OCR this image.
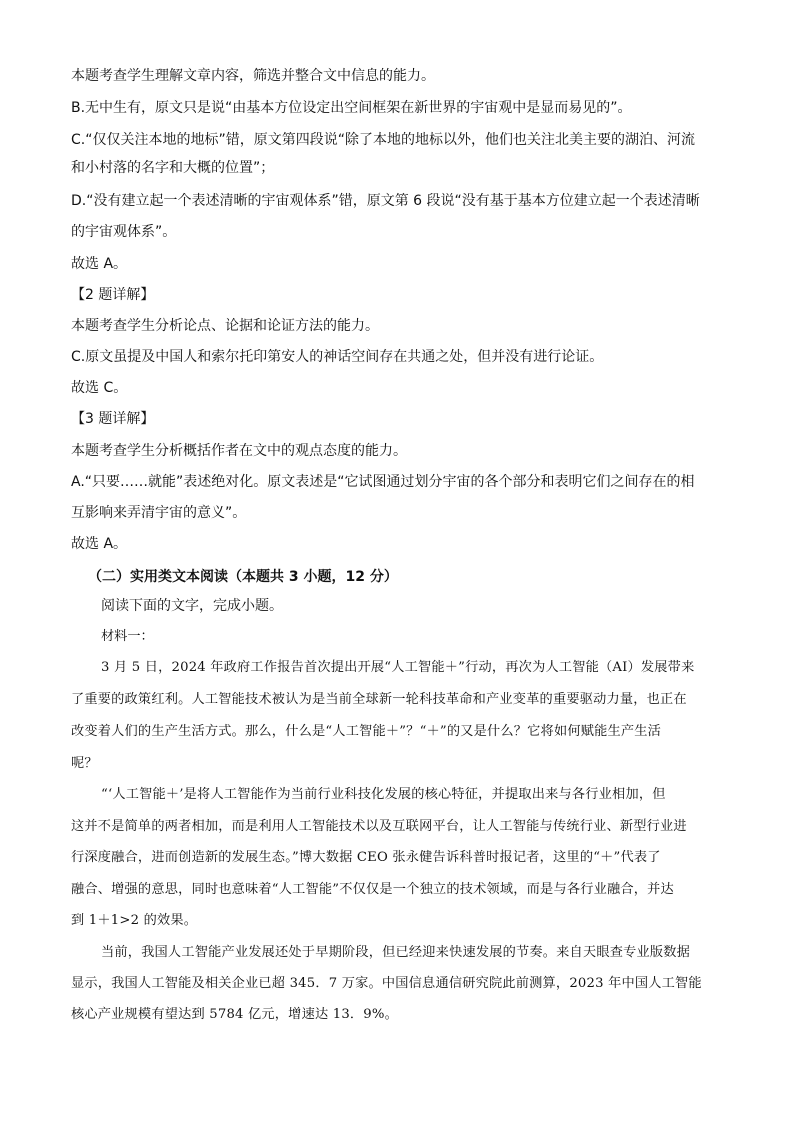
本题考查学生理解文章内容，筛选并整合文中信息的能力。
B.无中生有，原文只是说“由基本方位设定出空间框架在新世界的宇宙观中是显而易见的”。
C.“仅仅关注本地的地标”错，原文第四段说“除了本地的地标以外，他们也关注北美主要的湖泊、河流
和小村落的名字和大概的位置”；
D.“没有建立起一个表述清晰的宇宙观体系”错，原文第 6 段说“没有基于基本方位建立起一个表述清晰
的宇宙观体系”。
故选 A。
【2 题详解】
本题考查学生分析论点、论据和论证方法的能力。
C.原文虽提及中国人和索尔托印第安人的神话空间存在共通之处，但并没有进行论证。
故选 C。
【3 题详解】
本题考查学生分析概括作者在文中的观点态度的能力。
A.“只要……就能”表述绝对化。原文表述是“它试图通过划分宇宙的各个部分和表明它们之间存在的相
互影响来弄清宇宙的意义”。
故选 A。
（二）实用类文本阅读（本题共 3 小题，12 分）
阅读下面的文字，完成小题。
材料一：
3 月 5 日，2024 年政府工作报告首次提出开展“人工智能＋”行动，再次为人工智能（AI）发展带来
了重要的政策红利。人工智能技术被认为是当前全球新一轮科技革命和产业变革的重要驱动力量，也正在
改变着人们的生产生活方式。那么，什么是“人工智能＋”？“＋”的又是什么？它将如何赋能生产生活
呢？
“‘人工智能＋’是将人工智能作为当前行业科技化发展的核心特征，并提取出来与各行业相加，但
这并不是简单的两者相加，而是利用人工智能技术以及互联网平台，让人工智能与传统行业、新型行业进
行深度融合，进而创造新的发展生态。”博大数据 CEO 张永健告诉科普时报记者，这里的“＋”代表了
融合、增强的意思，同时也意味着“人工智能”不仅仅是一个独立的技术领域，而是与各行业融合，并达
到 1＋1>2 的效果。
当前，我国人工智能产业发展还处于早期阶段，但已经迎来快速发展的节奏。来自天眼查专业版数据
显示，我国人工智能及相关企业已超 345．7 万家。中国信息通信研究院此前测算，2023 年中国人工智能
核心产业规模有望达到 5784 亿元，增速达 13．9%。
